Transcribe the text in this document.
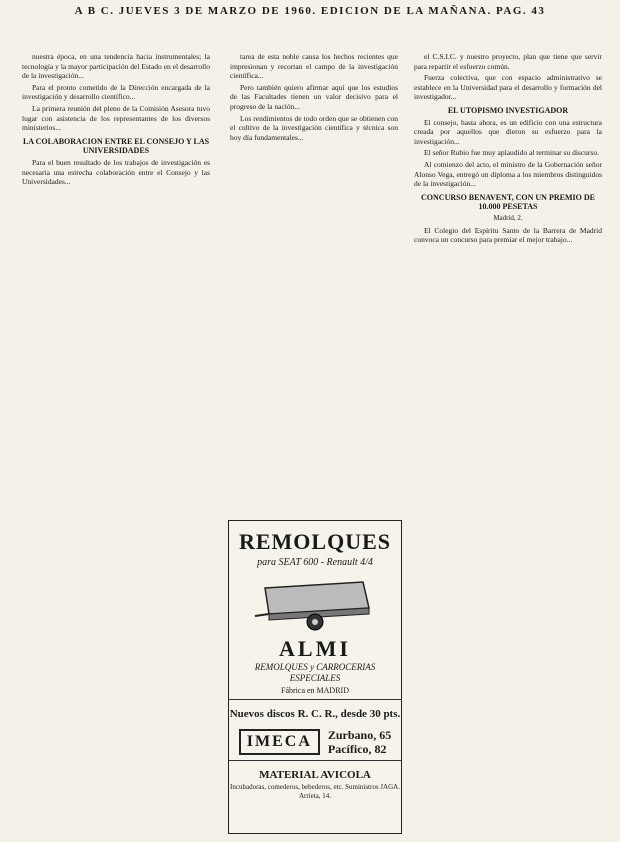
A B C. JUEVES 3 DE MARZO DE 1960. EDICION DE LA MAÑANA. PAG. 43

nuestra época, en una tendencia hacia instrumentales; la tecnología y la mayor participación del Estado en el desarrollo de la investigación...

Para el pronto cometido de la Dirección encargada de la investigación y desarrollo científico...

La primera reunión del pleno de la Comisión Asesora tuvo lugar con asistencia de los representantes de los diversos ministerios...

LA COLABORACION ENTRE EL CONSEJO Y LAS UNIVERSIDADES

Para el buen resultado de los trabajos de investigación es necesaria una estrecha colaboración entre el Consejo y las Universidades...

tarea de esta noble causa los hechos recientes que impresionan y recortan el campo de la investigación científica...

Pero también quiero afirmar aquí que los estudios de las Facultades tienen un valor decisivo para el progreso de la nación...

Los rendimientos de todo orden que se obtienen con el cultivo de la investigación científica y técnica son hoy día fundamentales...

REMOLQUES
para SEAT 600 - Renault 4/4
ALMI
REMOLQUES y CARROCERIAS
ESPECIALES
Fábrica en MADRID
Nuevos discos R. C. R., desde 30 pts.
IMECA	Zurbano, 65
Pacífico, 82
MATERIAL AVICOLA
Incubadoras, comederos, bebederos, etc. Suministros JAGA. Arrieta, 14.

el C.S.I.C. y nuestro proyecto, plan que tiene que servir para repartir el esfuerzo común.

Fuerza colectiva, que con espacio administrativo se establece en la Universidad para el desarrollo y formación del investigador...

EL UTOPISMO INVESTIGADOR

El consejo, hasta ahora, es un edificio con una estructura creada por aquellos que dieron su esfuerzo para la investigación...

El señor Rubio fue muy aplaudido al terminar su discurso.

Al comienzo del acto, el ministro de la Gobernación señor Alonso Vega, entregó un diploma a los miembros distinguidos de la investigación...

CONCURSO BENAVENT, CON UN PREMIO DE 10.000 PESETAS
Madrid, 2.

El Colegio del Espíritu Santo de la Barrera de Madrid convoca un concurso para premiar el mejor trabajo...
